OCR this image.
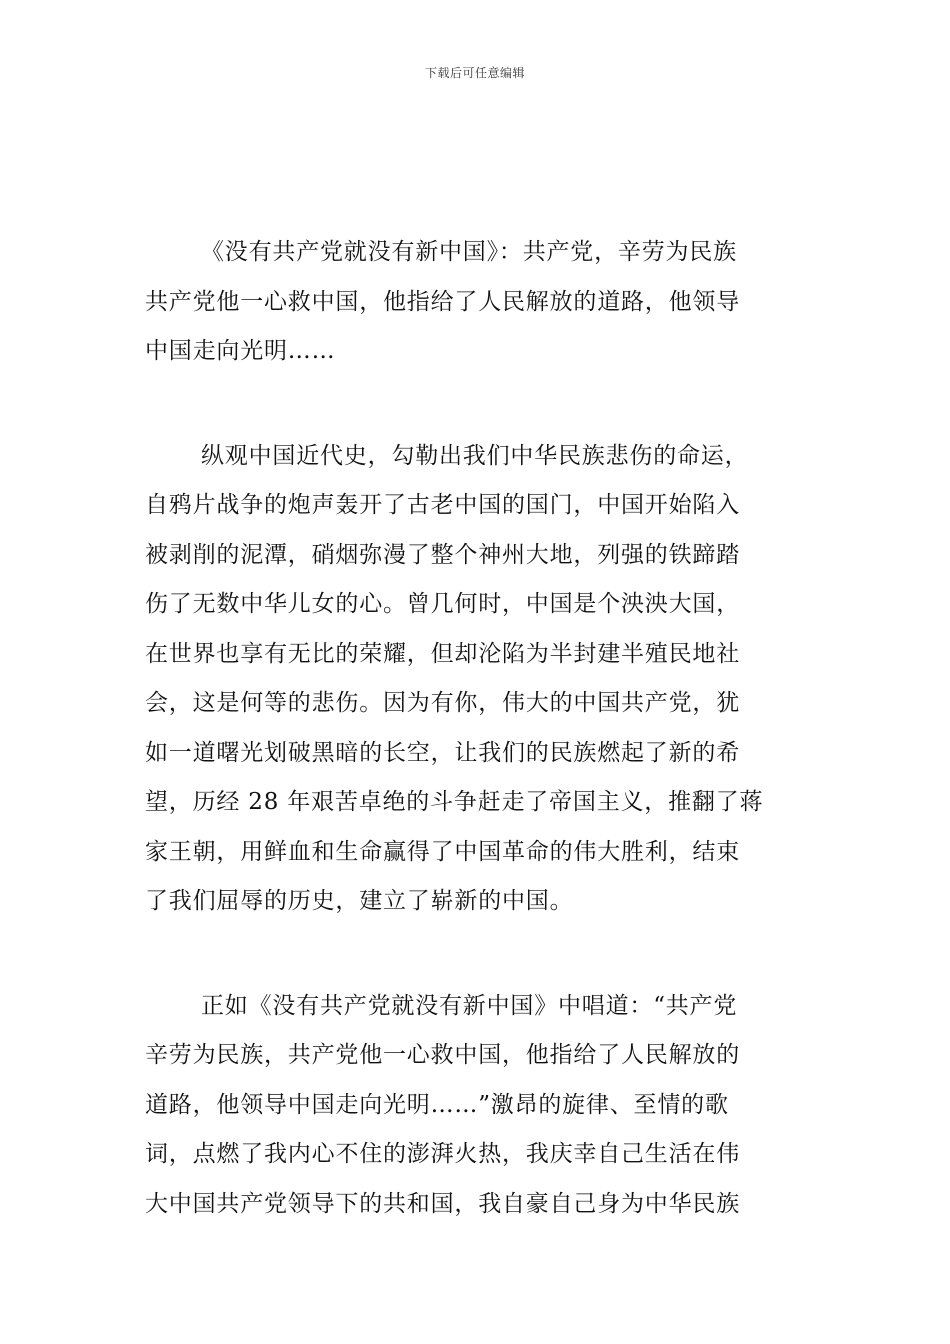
下载后可任意编辑

《没有共产党就没有新中国》：共产党，辛劳为民族
共产党他一心救中国，他指给了人民解放的道路，他领导
中国走向光明……

纵观中国近代史，勾勒出我们中华民族悲伤的命运，
自鸦片战争的炮声轰开了古老中国的国门，中国开始陷入
被剥削的泥潭，硝烟弥漫了整个神州大地，列强的铁蹄踏
伤了无数中华儿女的心。曾几何时，中国是个泱泱大国，
在世界也享有无比的荣耀，但却沦陷为半封建半殖民地社
会，这是何等的悲伤。因为有你，伟大的中国共产党，犹
如一道曙光划破黑暗的长空，让我们的民族燃起了新的希
望，历经 28 年艰苦卓绝的斗争赶走了帝国主义，推翻了蒋
家王朝，用鲜血和生命赢得了中国革命的伟大胜利，结束
了我们屈辱的历史，建立了崭新的中国。

正如《没有共产党就没有新中国》中唱道：“共产党
辛劳为民族，共产党他一心救中国，他指给了人民解放的
道路，他领导中国走向光明……”激昂的旋律、至情的歌
词，点燃了我内心不住的澎湃火热，我庆幸自己生活在伟
大中国共产党领导下的共和国，我自豪自己身为中华民族
